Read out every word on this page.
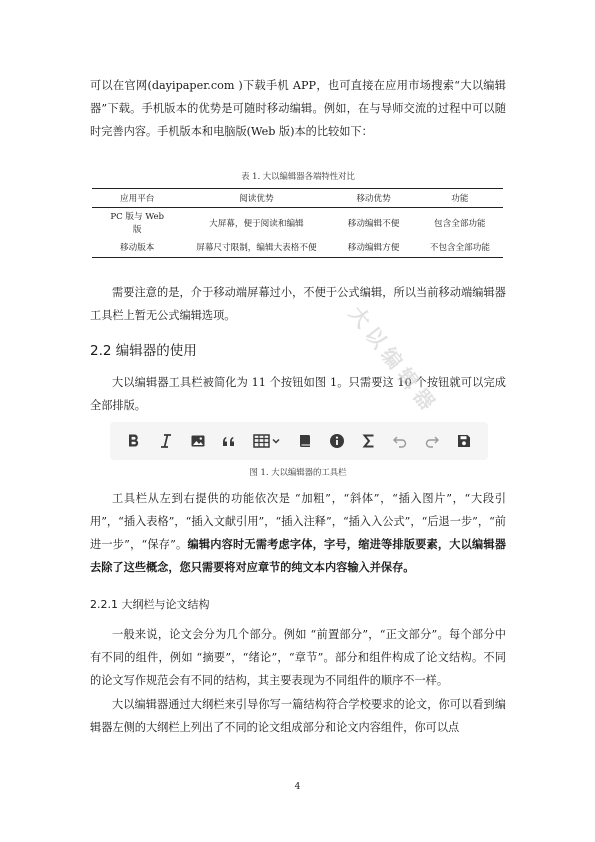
可以在官网(dayipaper.com )下载手机 APP，也可直接在应用市场搜索“大以编辑器”下载。手机版本的优势是可随时移动编辑。例如，在与导师交流的过程中可以随时完善内容。手机版本和电脑版(Web 版)本的比较如下：

表 1. 大以编辑器各端特性对比
应用平台	阅读优势	移动优势	功能
PC 版与 Web 版	大屏幕，便于阅读和编辑	移动编辑不便	包含全部功能
移动版本	屏幕尺寸限制，编辑大表格不便	移动编辑方便	不包含全部功能

需要注意的是，介于移动端屏幕过小，不便于公式编辑，所以当前移动端编辑器工具栏上暂无公式编辑选项。

2.2 编辑器的使用

大以编辑器工具栏被简化为 11 个按钮如图 1。只需要这 10 个按钮就可以完成全部排版。

图 1. 大以编辑器的工具栏

工具栏从左到右提供的功能依次是 “加粗”，“斜体”，“插入图片”，“大段引用”，“插入表格”，“插入文献引用”，“插入注释”，“插入入公式”，“后退一步”，“前进一步”，“保存”。编辑内容时无需考虑字体，字号，缩进等排版要素，大以编辑器去除了这些概念，您只需要将对应章节的纯文本内容输入并保存。

2.2.1 大纲栏与论文结构

一般来说，论文会分为几个部分。例如 “前置部分”，“正文部分”。每个部分中有不同的组件，例如 “摘要”，“绪论”，“章节”。部分和组件构成了论文结构。不同的论文写作规范会有不同的结构，其主要表现为不同组件的顺序不一样。

大以编辑器通过大纲栏来引导你写一篇结构符合学校要求的论文，你可以看到编辑器左侧的大纲栏上列出了不同的论文组成部分和论文内容组件，你可以点

大以编辑器
4
